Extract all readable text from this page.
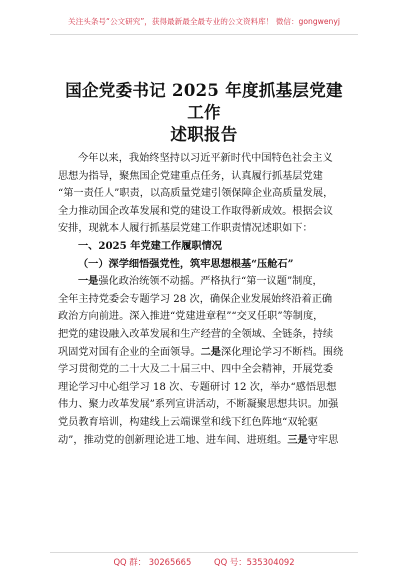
关注头条号“公文研究”，获得最新最全最专业的公文资料库！ 微信：gongwenyj
国企党委书记 2025 年度抓基层党建工作
述职报告
今年以来，我始终坚持以习近平新时代中国特色社会主义
思想为指导，聚焦国企党建重点任务，认真履行抓基层党建
“第一责任人”职责，以高质量党建引领保障企业高质量发展，
全力推动国企改革发展和党的建设工作取得新成效。根据会议
安排，现就本人履行抓基层党建工作职责情况述职如下：
一、2025 年党建工作履职情况
（一）深学细悟强党性，筑牢思想根基“压舱石”
一是强化政治统领不动摇。严格执行“第一议题”制度，
全年主持党委会专题学习 28 次，确保企业发展始终沿着正确
政治方向前进。深入推进“党建进章程”“交叉任职”等制度，
把党的建设融入改革发展和生产经营的全领域、全链条，持续
巩固党对国有企业的全面领导。二是深化理论学习不断档。围绕
学习贯彻党的二十大及二十届三中、四中全会精神，开展党委
理论学习中心组学习 18 次、专题研讨 12 次，举办“感悟思想
伟力、聚力改革发展”系列宣讲活动，不断凝聚思想共识。加强
党员教育培训，构建线上云端课堂和线下红色阵地“双轮驱
动”，推动党的创新理论进工地、进车间、进班组。三是守牢思
QQ 群： 30265665	QQ 号：535304092
